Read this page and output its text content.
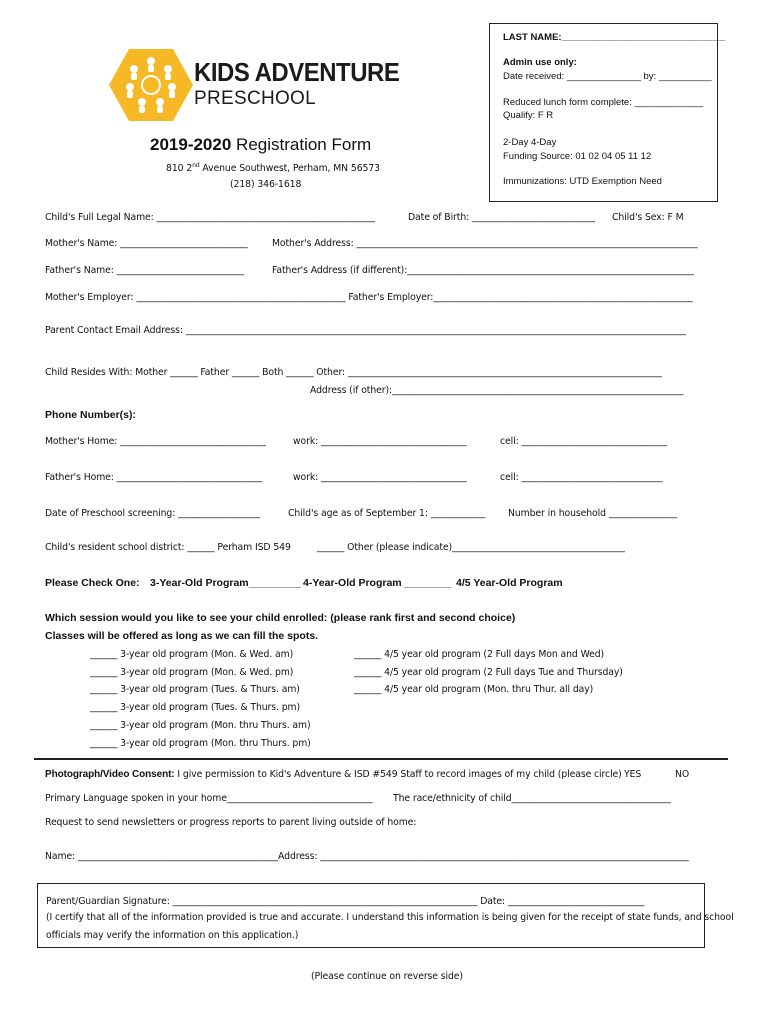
LAST NAME:_______________________________
Admin use only:
Date received: ______________ by: __________
Reduced lunch form complete: _____________
Qualify: F R
2-Day 4-Day
Funding Source: 01 02 04 05 11 12
Immunizations: UTD Exemption Need
KIDS ADVENTURE
PRESCHOOL
2019-2020 Registration Form
810 2nd Avenue Southwest, Perham, MN 56573
(218) 346-1618
Child's Full Legal Name: ________________________________________________	Date of Birth: ___________________________ Child's Sex: F M
Mother's Name: ____________________________	Mother's Address: ___________________________________________________________________________
Father's Name: ____________________________	Father's Address (if different):_______________________________________________________________
Mother's Employer: ______________________________________________ Father's Employer:_________________________________________________________
Parent Contact Email Address: ______________________________________________________________________________________________________________
Child Resides With: Mother ______ Father ______ Both ______ Other: _____________________________________________________________________
Address (if other):________________________________________________________________
Phone Number(s):
Mother's Home: ________________________________	work: ________________________________	cell: ________________________________
Father's Home: ________________________________	work: ________________________________	cell: _______________________________
Date of Preschool screening: __________________	Child's age as of September 1: ____________ Number in household _______________
Child's resident school district: ______ Perham ISD 549	______ Other (please indicate)______________________________________
Please Check One: 3-Year-Old Program_________ 4-Year-Old Program ________ 4/5 Year-Old Program
Which session would you like to see your child enrolled: (please rank first and second choice)
Classes will be offered as long as we can fill the spots.
______ 3-year old program (Mon. & Wed. am)
______ 3-year old program (Mon. & Wed. pm)
______ 3-year old program (Tues. & Thurs. am)
______ 3-year old program (Tues. & Thurs. pm)
______ 3-year old program (Mon. thru Thurs. am)
______ 3-year old program (Mon. thru Thurs. pm)
______ 4/5 year old program (2 Full days Mon and Wed)
______ 4/5 year old program (2 Full days Tue and Thursday)
______ 4/5 year old program (Mon. thru Thur. all day)
Photograph/Video Consent: I give permission to Kid's Adventure & ISD #549 Staff to record images of my child (please circle) YES	NO
Primary Language spoken in your home________________________________ The race/ethnicity of child___________________________________
Request to send newsletters or progress reports to parent living outside of home:
Name: ____________________________________________Address: _________________________________________________________________________________
Parent/Guardian Signature: ___________________________________________________________________ Date: ______________________________
(I certify that all of the information provided is true and accurate. I understand this information is being given for the receipt of state funds, and school
officials may verify the information on this application.)
(Please continue on reverse side)
